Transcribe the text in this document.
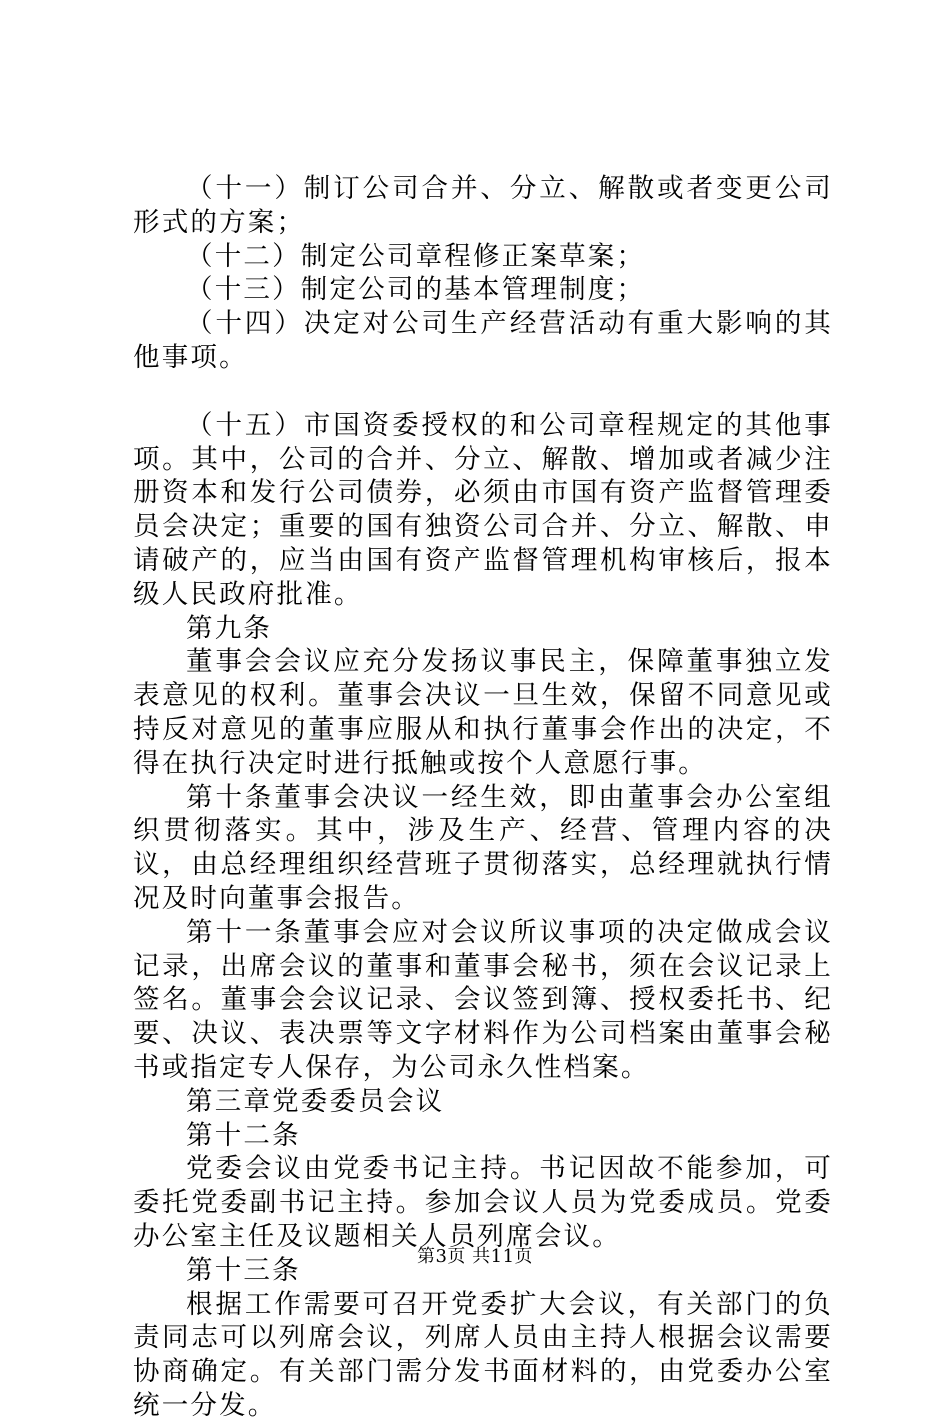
（十一）制订公司合并、分立、解散或者变更公司形式的方案；

（十二）制定公司章程修正案草案；

（十三）制定公司的基本管理制度；

（十四）决定对公司生产经营活动有重大影响的其他事项。

（十五）市国资委授权的和公司章程规定的其他事项。其中，公司的合并、分立、解散、增加或者减少注册资本和发行公司债券，必须由市国有资产监督管理委员会决定；重要的国有独资公司合并、分立、解散、申请破产的，应当由国有资产监督管理机构审核后，报本级人民政府批准。

第九条

董事会会议应充分发扬议事民主，保障董事独立发表意见的权利。董事会决议一旦生效，保留不同意见或持反对意见的董事应服从和执行董事会作出的决定，不得在执行决定时进行抵触或按个人意愿行事。

第十条董事会决议一经生效，即由董事会办公室组织贯彻落实。其中，涉及生产、经营、管理内容的决议，由总经理组织经营班子贯彻落实，总经理就执行情况及时向董事会报告。

第十一条董事会应对会议所议事项的决定做成会议记录，出席会议的董事和董事会秘书，须在会议记录上签名。董事会会议记录、会议签到簿、授权委托书、纪要、决议、表决票等文字材料作为公司档案由董事会秘书或指定专人保存，为公司永久性档案。

第三章党委委员会议

第十二条

党委会议由党委书记主持。书记因故不能参加，可委托党委副书记主持。参加会议人员为党委成员。党委办公室主任及议题相关人员列席会议。

第十三条

根据工作需要可召开党委扩大会议，有关部门的负责同志可以列席会议，列席人员由主持人根据会议需要协商确定。有关部门需分发书面材料的，由党委办公室统一分发。

第3页 共11页
